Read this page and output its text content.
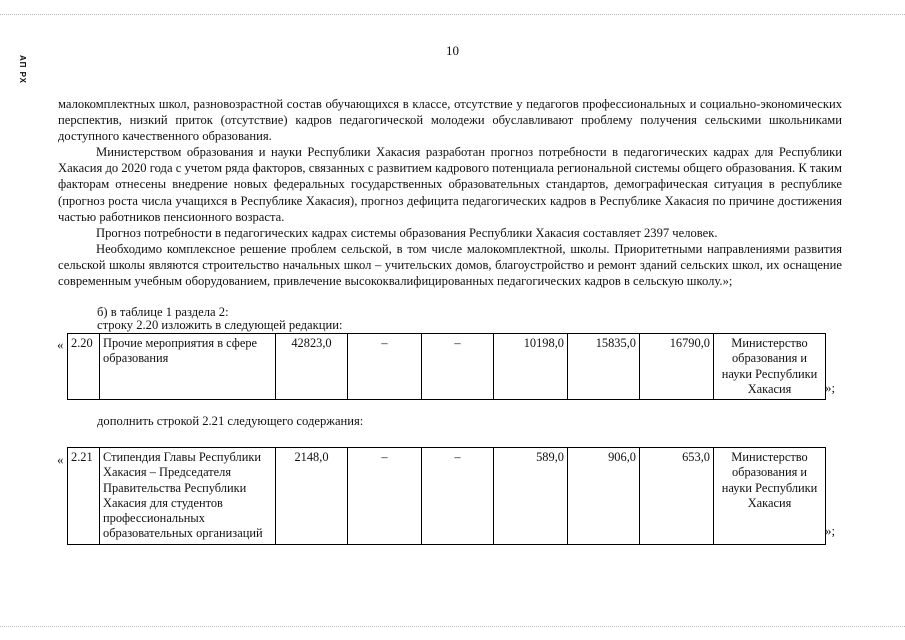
10
АП РХ

малокомплектных школ, разновозрастной состав обучающихся в классе, отсутствие у педагогов профессиональных и социально-экономических перспектив, низкий приток (отсутствие) кадров педагогической молодежи обуславливают проблему получения сельскими школьниками доступного качественного образования.

Министерством образования и науки Республики Хакасия разработан прогноз потребности в педагогических кадрах для Республики Хакасия до 2020 года с учетом ряда факторов, связанных с развитием кадрового потенциала региональной системы общего образования. К таким факторам отнесены внедрение новых федеральных государственных образовательных стандартов, демографическая ситуация в республике (прогноз роста числа учащихся в Республике Хакасия), прогноз дефицита педагогических кадров в Республике Хакасия по причине достижения частью работников пенсионного возраста.

Прогноз потребности в педагогических кадрах системы образования Республики Хакасия составляет 2397 человек.

Необходимо комплексное решение проблем сельской, в том числе малокомплектной, школы. Приоритетными направлениями развития сельской школы являются строительство начальных школ – учительских домов, благоустройство и ремонт зданий сельских школ, их оснащение современным учебным оборудованием, привлечение высококвалифицированных педагогических кадров в сельскую школу.»;

б) в таблице 1 раздела 2:
строку 2.20 изложить в следующей редакции:
« 2.20	Прочие мероприятия в сфере образования	42823,0	–	–	10198,0	15835,0	16790,0	Министерство образования и науки Республики Хакасия	»;
дополнить строкой 2.21 следующего содержания:
« 2.21	Стипендия Главы Республики Хакасия – Председателя Правительства Республики Хакасия для студентов профессиональных образовательных организаций	2148,0	–	–	589,0	906,0	653,0	Министерство образования и науки Республики Хакасия
»;
